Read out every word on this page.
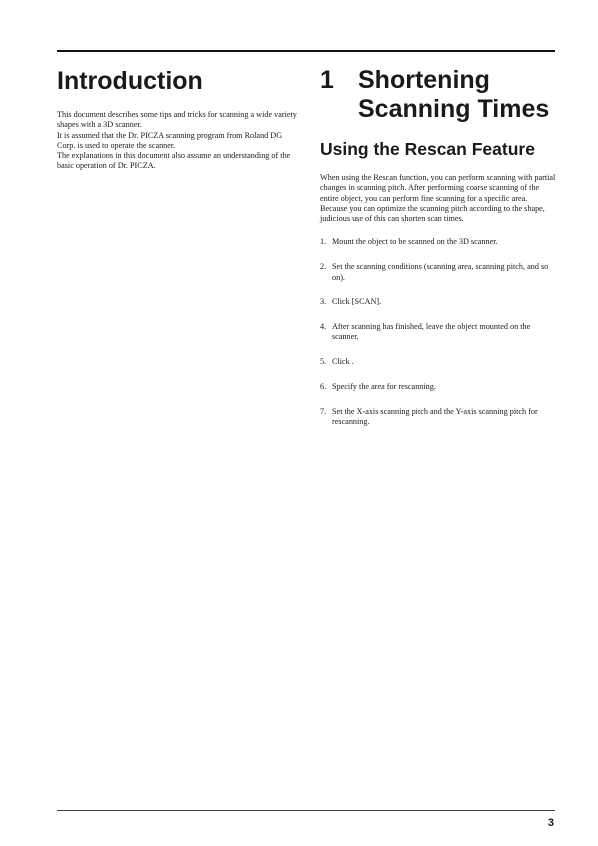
Introduction

This document describes some tips and tricks for scanning a wide variety shapes with a 3D scanner.

It is assumed that the Dr. PICZA scanning program from Roland DG Corp. is used to operate the scanner.

The explanations in this document also assume an understanding of the basic operation of Dr. PICZA.

1 Shortening Scanning Times
Using the Rescan Feature

When using the Rescan function, you can perform scanning with partial changes in scanning pitch. After performing coarse scanning of the entire object, you can perform fine scanning for a specific area. Because you can optimize the scanning pitch according to the shape, judicious use of this can shorten scan times.

1. Mount the object to be scanned on the 3D scanner.
2. Set the scanning conditions (scanning area, scanning pitch, and so on).
3. Click [SCAN].
4. After scanning has finished, leave the object mounted on the scanner.
5. Click .
6. Specify the area for rescanning.
7. Set the X-axis scanning pitch and the Y-axis scanning pitch for rescanning.
3
